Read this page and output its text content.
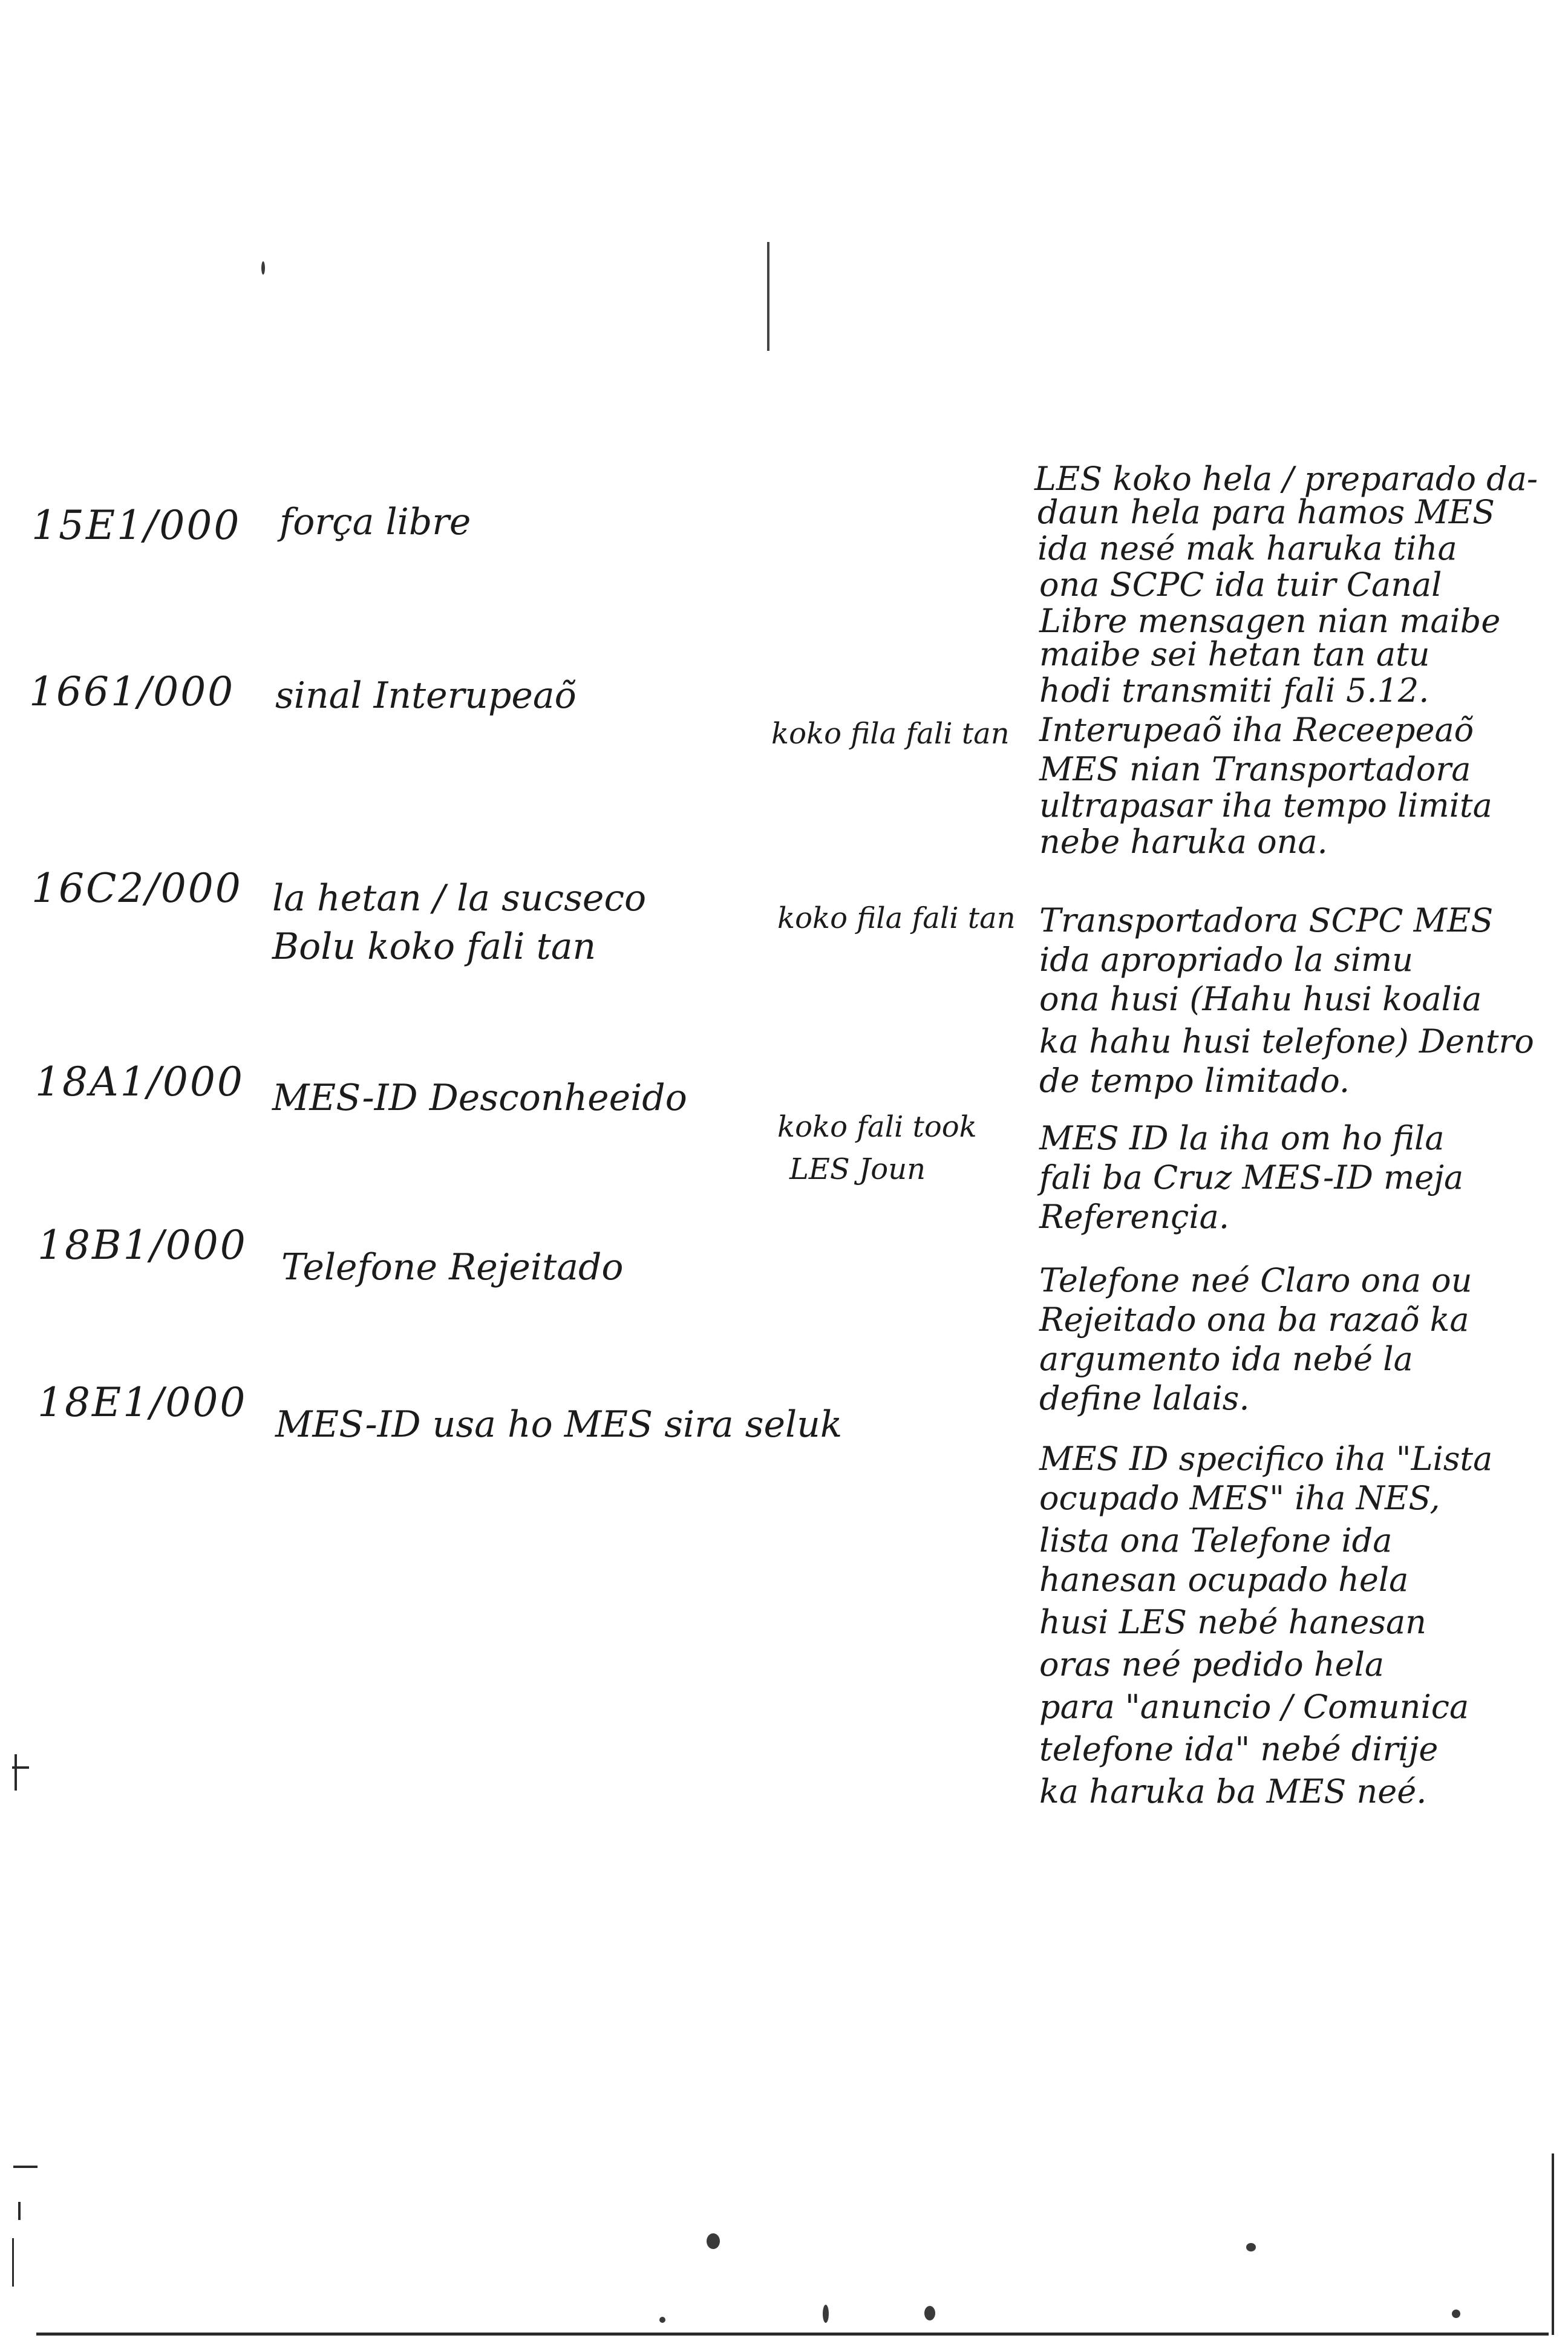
15E1/000
1661/000
16C2/000
18A1/000
18B1/000
18E1/000
força libre
sinal Interupeaõ
la hetan / la sucseco
Bolu koko fali tan
MES-ID Desconheeido
Telefone Rejeitado
MES-ID usa ho MES sira seluk
koko fila fali tan
koko fila fali tan
koko fali took
LES Joun
LES koko hela / preparado da-
daun hela para hamos MES
ida nesé mak haruka tiha
ona SCPC ida tuir Canal
Libre mensagen nian maibe
maibe sei hetan tan atu
hodi transmiti fali 5.12.
Interupeaõ iha Receepeaõ
MES nian Transportadora
ultrapasar iha tempo limita
nebe haruka ona.
Transportadora SCPC MES
ida apropriado la simu
ona husi (Hahu husi koalia
ka hahu husi telefone) Dentro
de tempo limitado.
MES ID la iha om ho fila
fali ba Cruz MES-ID meja
Referençia.
Telefone neé Claro ona ou
Rejeitado ona ba razaõ ka
argumento ida nebé la
define lalais.
MES ID specifico iha "Lista
ocupado MES" iha NES,
lista ona Telefone ida
hanesan ocupado hela
husi LES nebé hanesan
oras neé pedido hela
para "anuncio / Comunica
telefone ida" nebé dirije
ka haruka ba MES neé.
